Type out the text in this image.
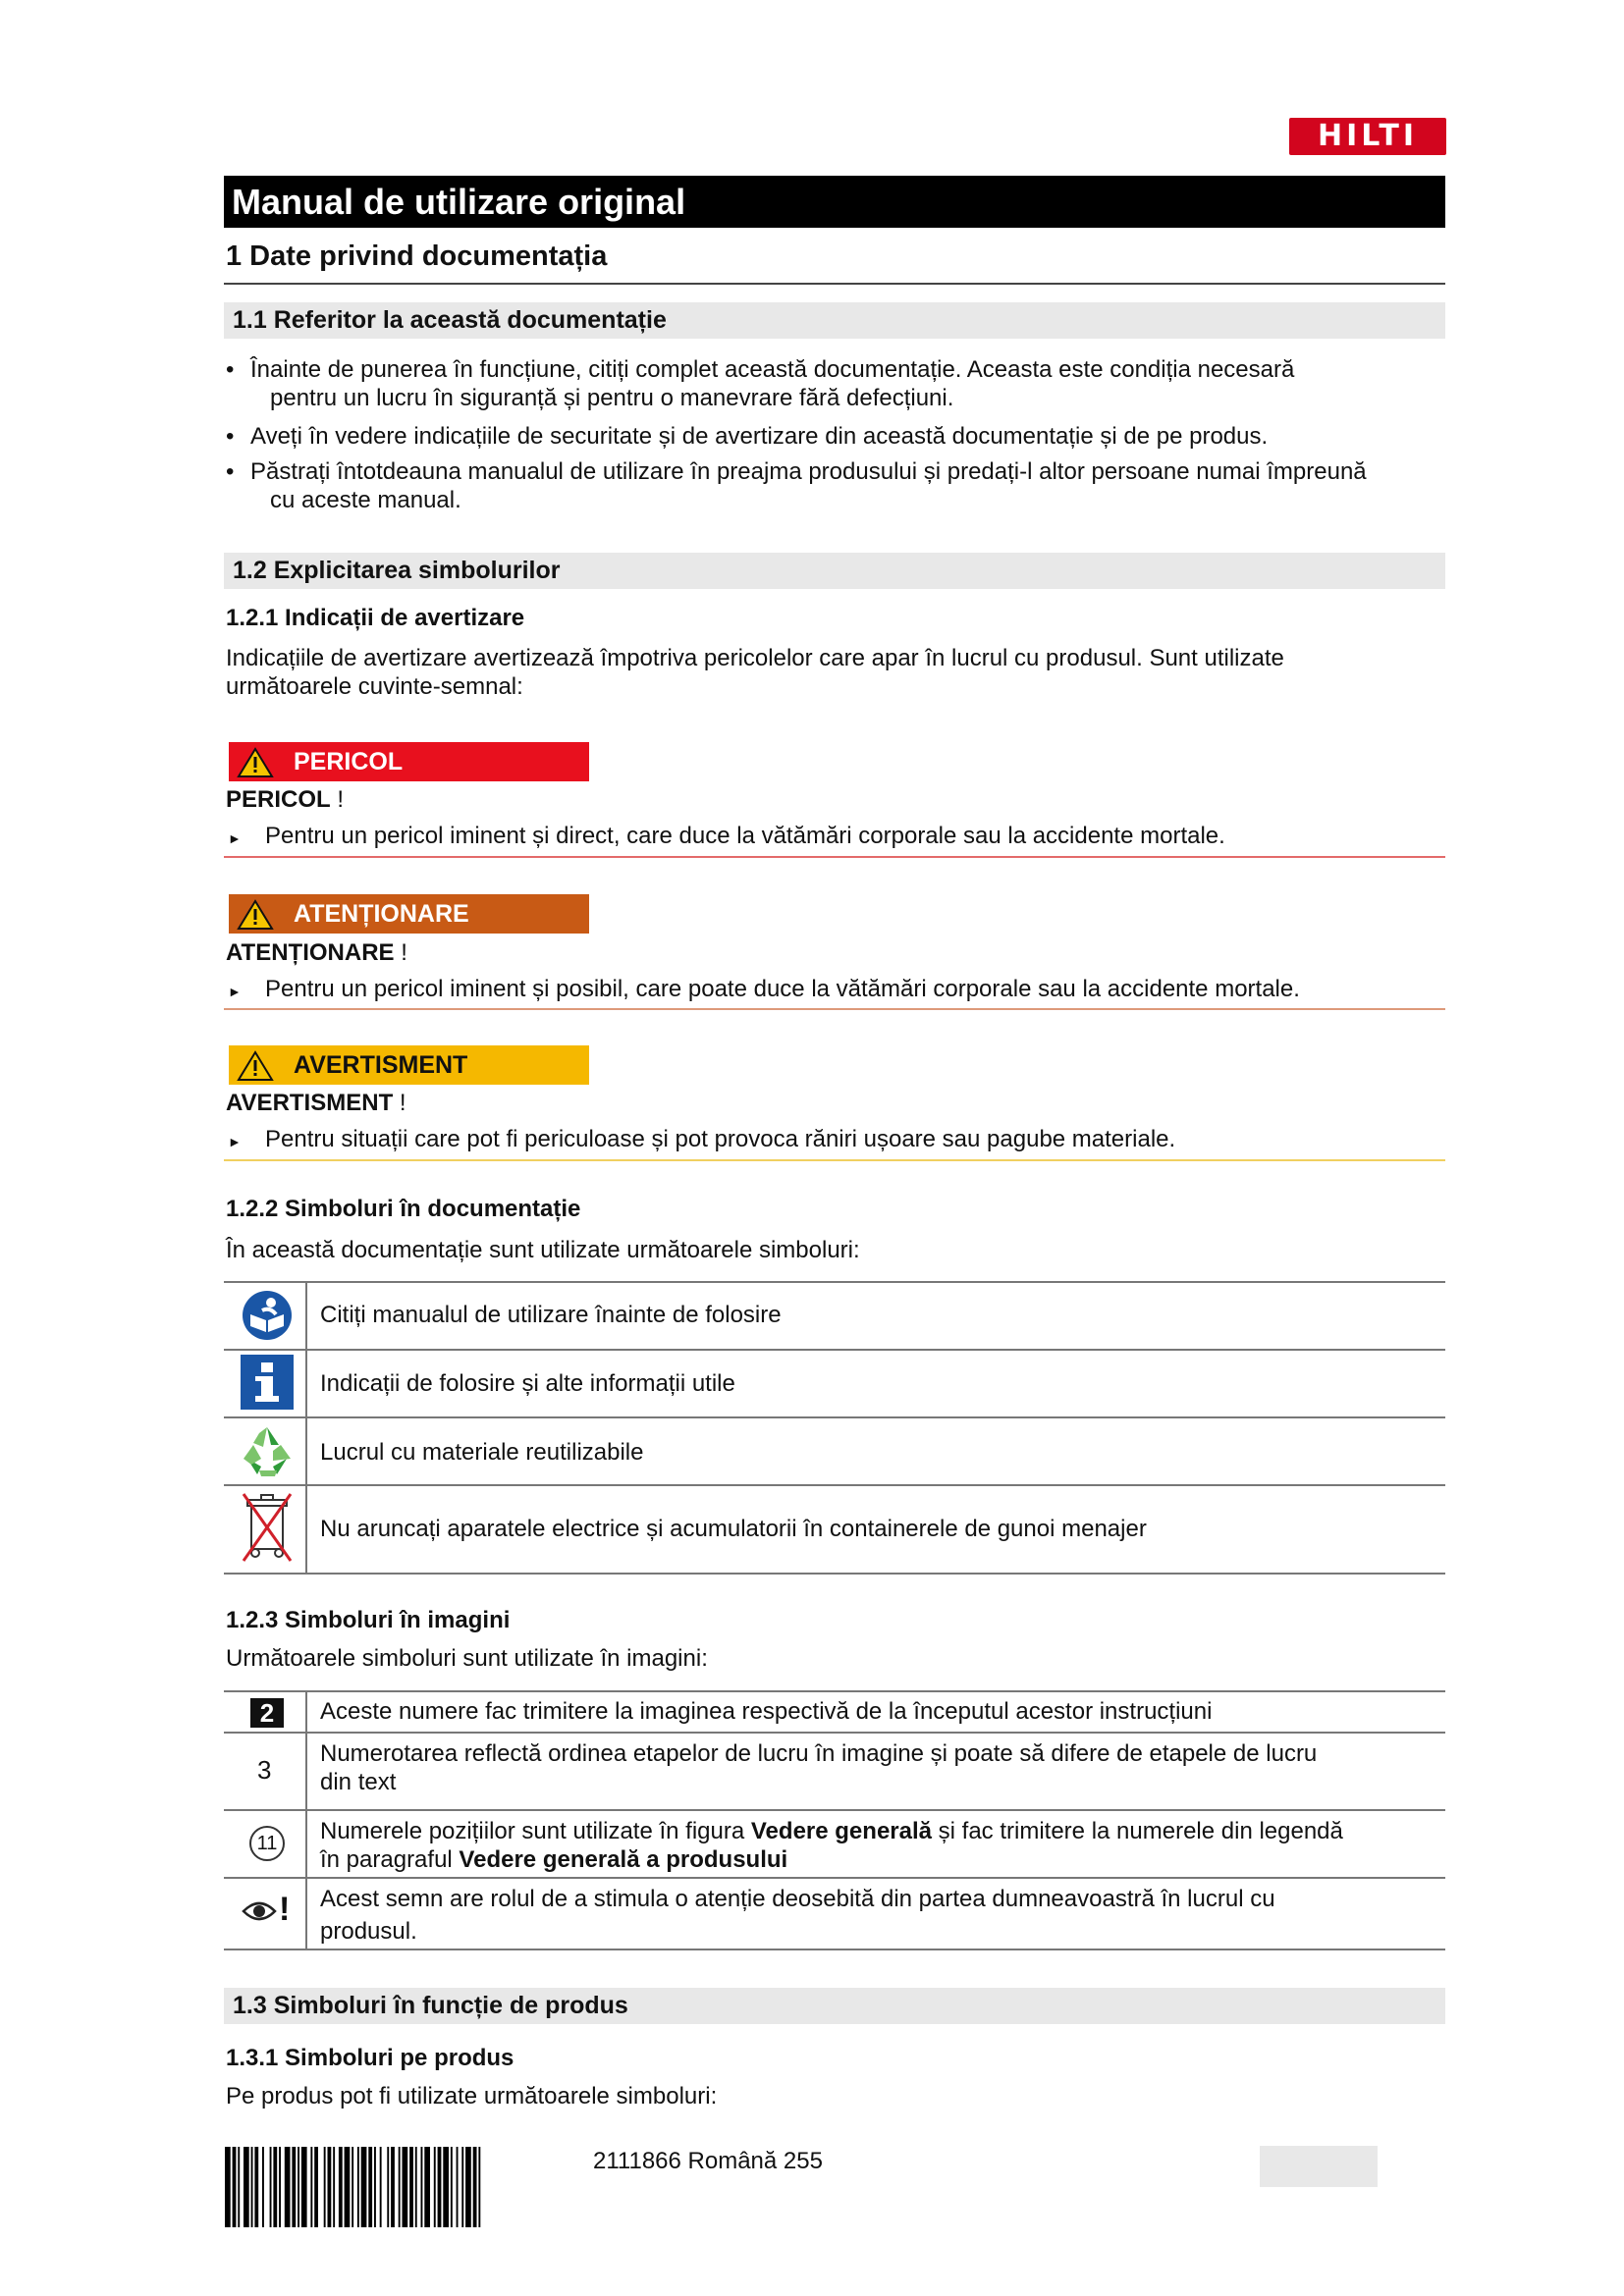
HILTI
Manual de utilizare original
1 Date privind documentația
1.1 Referitor la această documentație
• Înainte de punerea în funcțiune, citiți complet această documentație. Aceasta este condiția necesară
pentru un lucru în siguranță și pentru o manevrare fără defecțiuni.
• Aveți în vedere indicațiile de securitate și de avertizare din această documentație și de pe produs.
• Păstrați întotdeauna manualul de utilizare în preajma produsului și predați-l altor persoane numai împreună
cu aceste manual.
1.2 Explicitarea simbolurilor
1.2.1 Indicații de avertizare
Indicațiile de avertizare avertizează împotriva pericolelor care apar în lucrul cu produsul. Sunt utilizate
următoarele cuvinte-semnal:
PERICOL
PERICOL !
► Pentru un pericol iminent și direct, care duce la vătămări corporale sau la accidente mortale.
ATENȚIONARE
ATENȚIONARE !
► Pentru un pericol iminent și posibil, care poate duce la vătămări corporale sau la accidente mortale.
AVERTISMENT
AVERTISMENT !
► Pentru situații care pot fi periculoase și pot provoca răniri ușoare sau pagube materiale.
1.2.2 Simboluri în documentație
În această documentație sunt utilizate următoarele simboluri:
Citiți manualul de utilizare înainte de folosire
Indicații de folosire și alte informații utile
Lucrul cu materiale reutilizabile
Nu aruncați aparatele electrice și acumulatorii în containerele de gunoi menajer
1.2.3 Simboluri în imagini
Următoarele simboluri sunt utilizate în imagini:
2
3
11
!
Aceste numere fac trimitere la imaginea respectivă de la începutul acestor instrucțiuni
Numerotarea reflectă ordinea etapelor de lucru în imagine și poate să difere de etapele de lucru
din text
Numerele pozițiilor sunt utilizate în figura Vedere generală și fac trimitere la numerele din legendă
în paragraful Vedere generală a produsului
Acest semn are rolul de a stimula o atenție deosebită din partea dumneavoastră în lucrul cu
produsul.
1.3 Simboluri în funcție de produs
1.3.1 Simboluri pe produs
Pe produs pot fi utilizate următoarele simboluri:
2111866 Română 255
